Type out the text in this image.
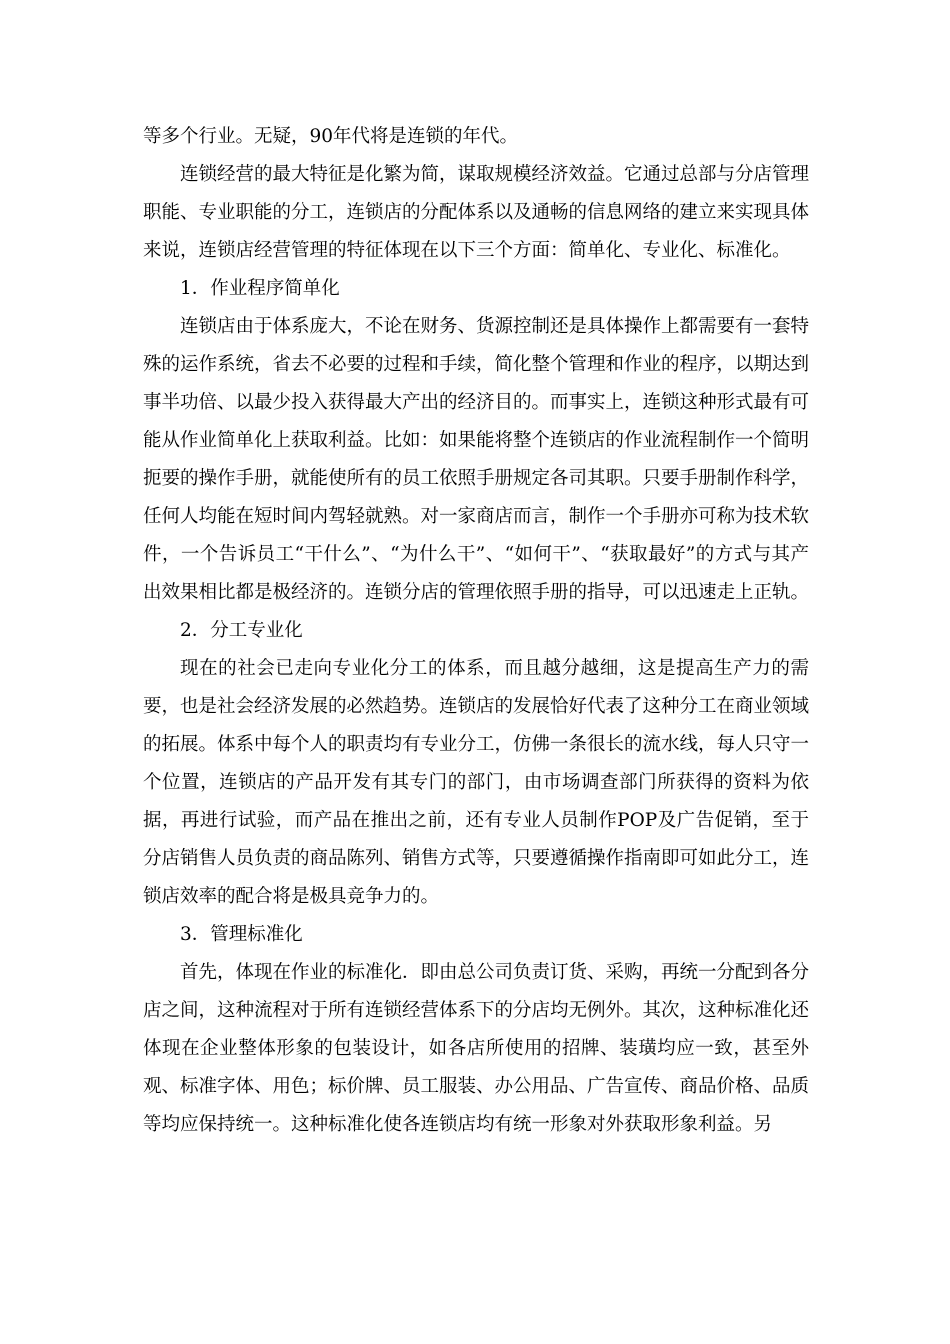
等多个行业。无疑，90年代将是连锁的年代。

连锁经营的最大特征是化繁为简，谋取规模经济效益。它通过总部与分店管理职能、专业职能的分工，连锁店的分配体系以及通畅的信息网络的建立来实现具体来说，连锁店经营管理的特征体现在以下三个方面：简单化、专业化、标准化。

1．作业程序简单化

连锁店由于体系庞大，不论在财务、货源控制还是具体操作上都需要有一套特殊的运作系统，省去不必要的过程和手续，简化整个管理和作业的程序，以期达到事半功倍、以最少投入获得最大产出的经济目的。而事实上，连锁这种形式最有可能从作业简单化上获取利益。比如：如果能将整个连锁店的作业流程制作一个简明扼要的操作手册，就能使所有的员工依照手册规定各司其职。只要手册制作科学，任何人均能在短时间内驾轻就熟。对一家商店而言，制作一个手册亦可称为技术软件，一个告诉员工“干什么”、“为什么干”、“如何干”、“获取最好”的方式与其产出效果相比都是极经济的。连锁分店的管理依照手册的指导，可以迅速走上正轨。

2．分工专业化

现在的社会已走向专业化分工的体系，而且越分越细，这是提高生产力的需要，也是社会经济发展的必然趋势。连锁店的发展恰好代表了这种分工在商业领域的拓展。体系中每个人的职责均有专业分工，仿佛一条很长的流水线，每人只守一个位置，连锁店的产品开发有其专门的部门，由市场调查部门所获得的资料为依据，再进行试验，而产品在推出之前，还有专业人员制作POP及广告促销，至于分店销售人员负责的商品陈列、销售方式等，只要遵循操作指南即可如此分工，连锁店效率的配合将是极具竞争力的。

3．管理标准化

首先，体现在作业的标准化．即由总公司负责订货、采购，再统一分配到各分店之间，这种流程对于所有连锁经营体系下的分店均无例外。其次，这种标准化还体现在企业整体形象的包装设计，如各店所使用的招牌、装璜均应一致，甚至外观、标准字体、用色；标价牌、员工服装、办公用品、广告宣传、商品价格、品质等均应保持统一。这种标准化使各连锁店均有统一形象对外获取形象利益。另
